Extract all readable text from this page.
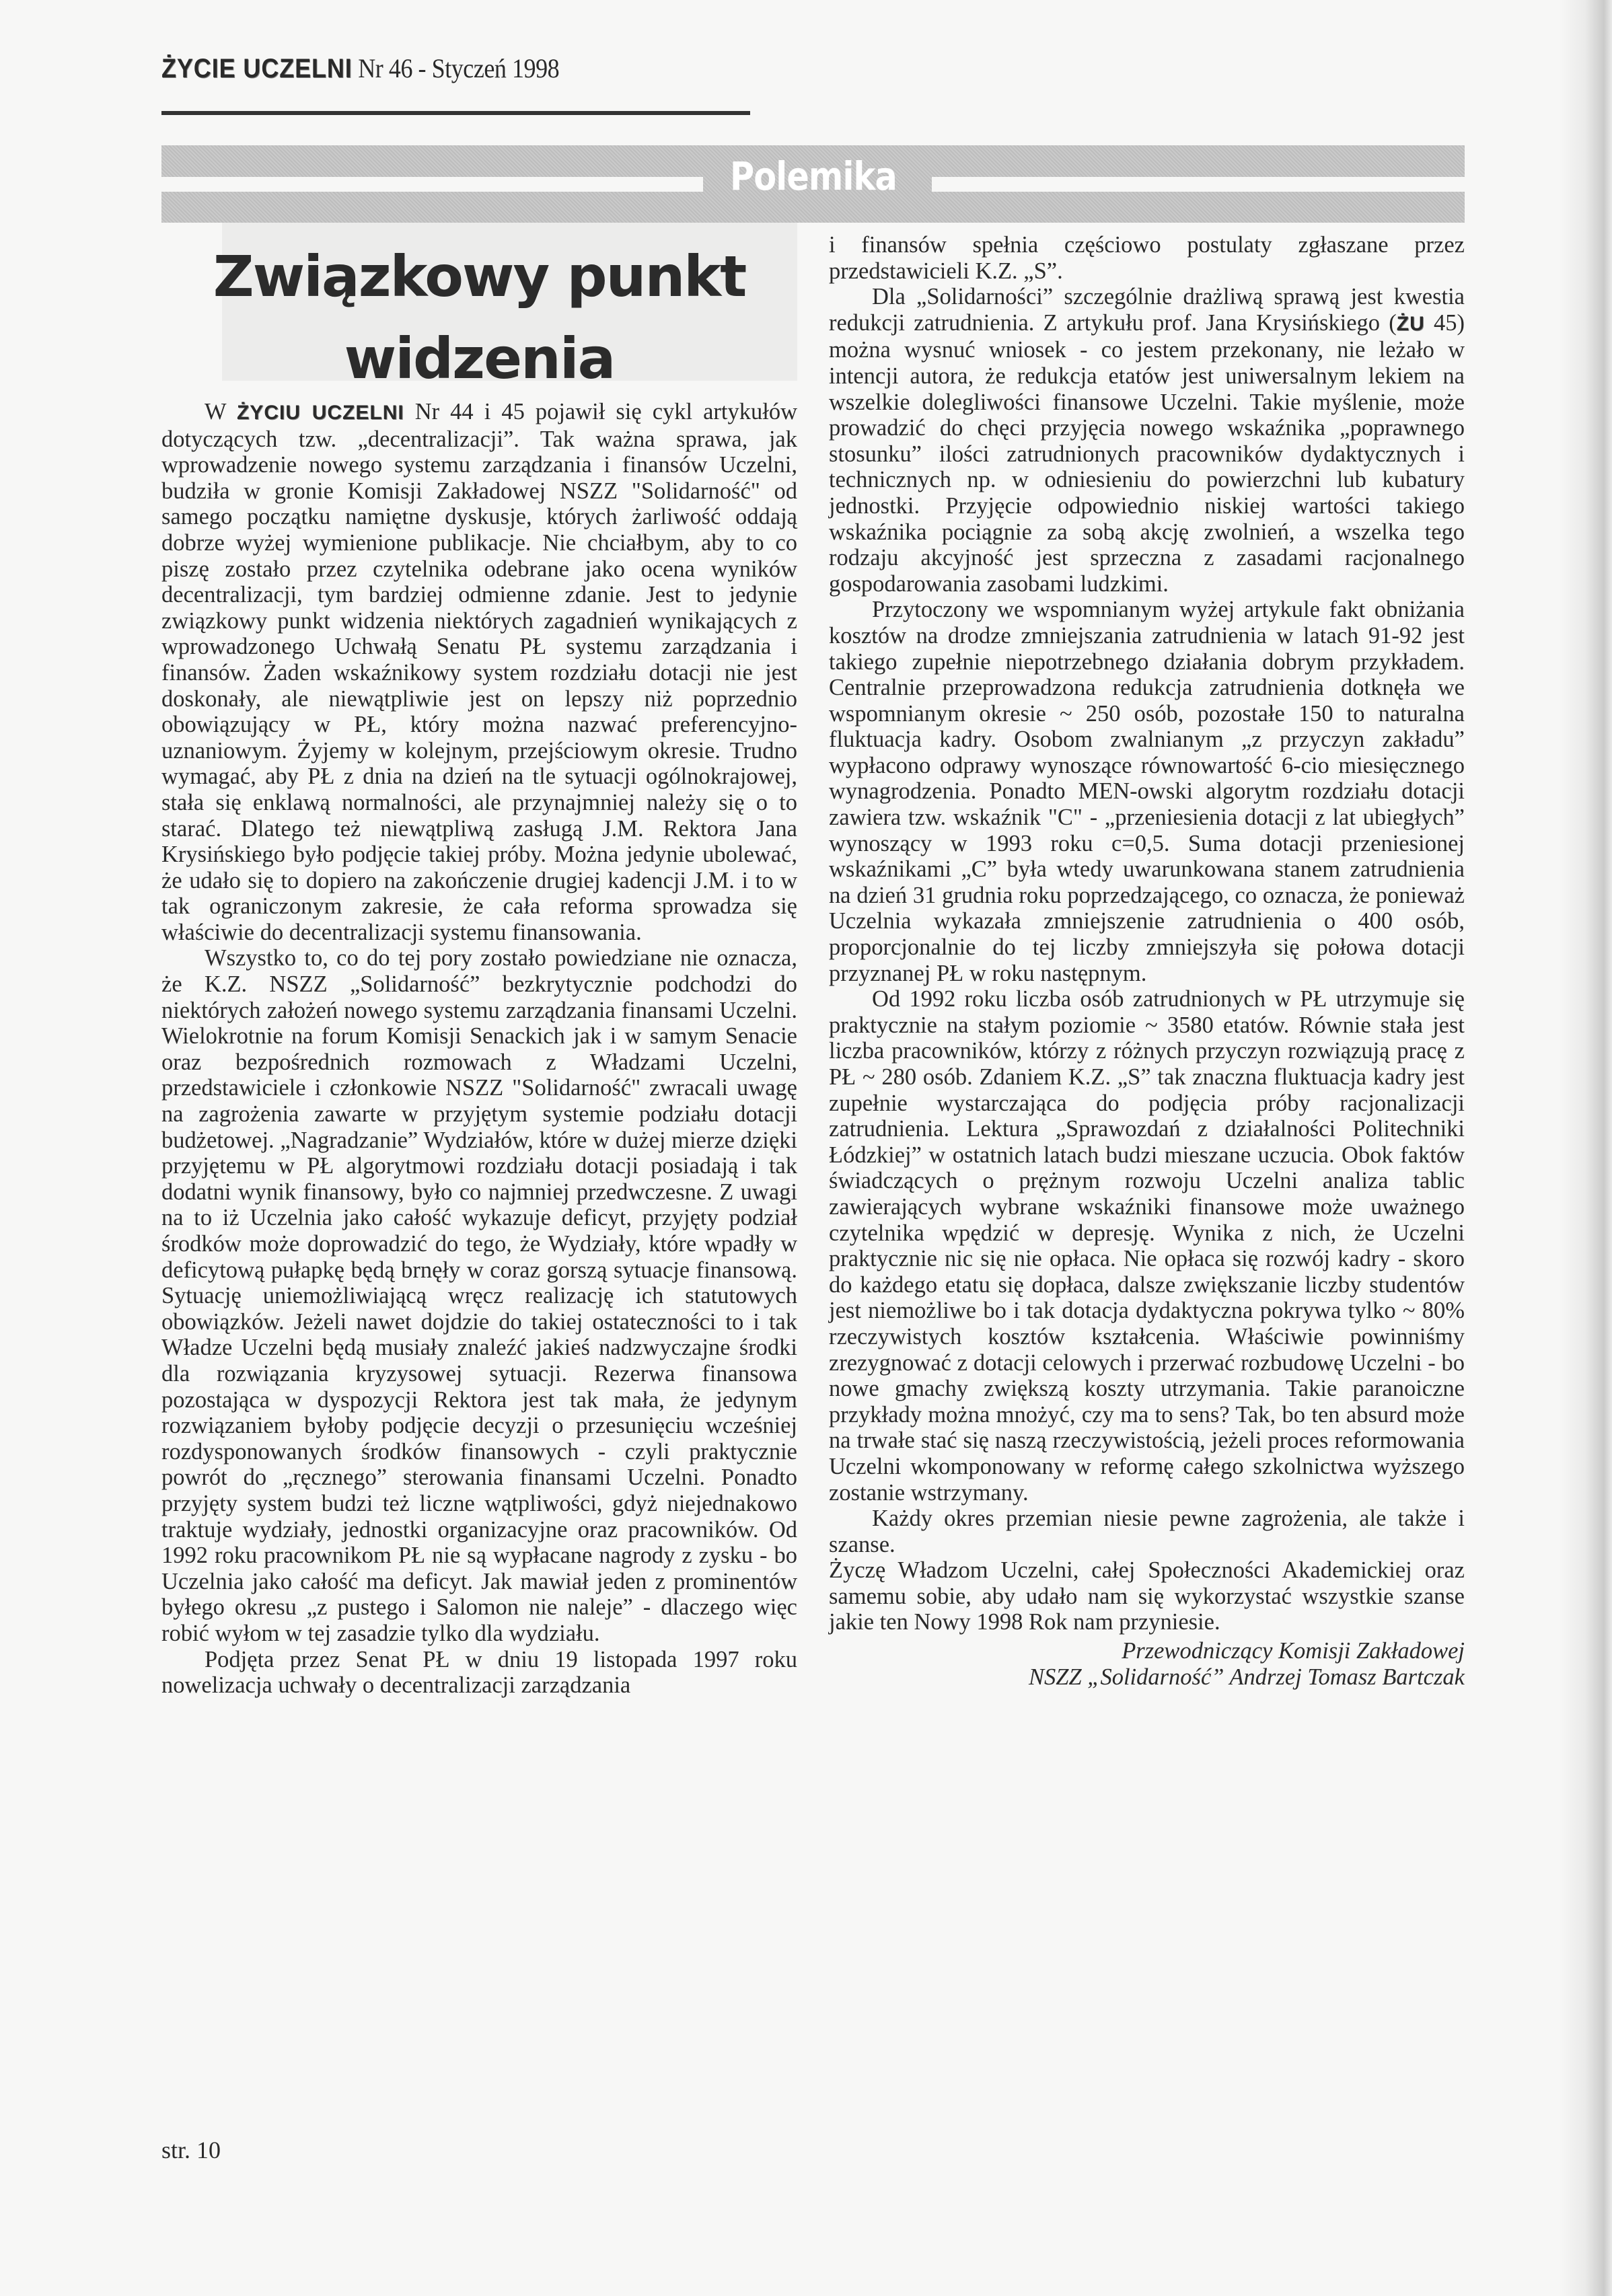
ŻYCIE UCZELNI Nr 46 - Styczeń 1998
Polemika
Związkowy punkt
widzenia

W ŻYCIU UCZELNI Nr 44 i 45 pojawił się cykl artykułów dotyczących tzw. „decentralizacji”. Tak ważna sprawa, jak wprowadzenie nowego systemu zarządzania i finansów Uczelni, budziła w gronie Komisji Zakładowej NSZZ "Solidarność" od samego początku namiętne dyskusje, których żarliwość oddają dobrze wyżej wymienione publikacje. Nie chciałbym, aby to co piszę zostało przez czytelnika odebrane jako ocena wyników decentralizacji, tym bardziej odmienne zdanie. Jest to jedynie związkowy punkt widzenia niektórych zagadnień wynikających z wprowadzonego Uchwałą Senatu PŁ systemu zarządzania i finansów. Żaden wskaźnikowy system rozdziału dotacji nie jest doskonały, ale niewątpliwie jest on lepszy niż poprzednio obowiązujący w PŁ, który można nazwać preferencyjno-uznaniowym. Żyjemy w kolejnym, przejściowym okresie. Trudno wymagać, aby PŁ z dnia na dzień na tle sytuacji ogólnokrajowej, stała się enklawą normalności, ale przynajmniej należy się o to starać. Dlatego też niewątpliwą zasługą J.M. Rektora Jana Krysińskiego było podjęcie takiej próby. Można jedynie ubolewać, że udało się to dopiero na zakończenie drugiej kadencji J.M. i to w tak ograniczonym zakresie, że cała reforma sprowadza się właściwie do decentralizacji systemu finansowania.

Wszystko to, co do tej pory zostało powiedziane nie oznacza, że K.Z. NSZZ „Solidarność” bezkrytycznie podchodzi do niektórych założeń nowego systemu zarządzania finansami Uczelni. Wielokrotnie na forum Komisji Senackich jak i w samym Senacie oraz bezpośrednich rozmowach z Władzami Uczelni, przedstawiciele i członkowie NSZZ "Solidarność" zwracali uwagę na zagrożenia zawarte w przyjętym systemie podziału dotacji budżetowej. „Nagradzanie” Wydziałów, które w dużej mierze dzięki przyjętemu w PŁ algorytmowi rozdziału dotacji posiadają i tak dodatni wynik finansowy, było co najmniej przedwczesne. Z uwagi na to iż Uczelnia jako całość wykazuje deficyt, przyjęty podział środków może doprowadzić do tego, że Wydziały, które wpadły w deficytową pułapkę będą brnęły w coraz gorszą sytuacje finansową. Sytuację uniemożliwiającą wręcz realizację ich statutowych obowiązków. Jeżeli nawet dojdzie do takiej ostateczności to i tak Władze Uczelni będą musiały znaleźć jakieś nadzwyczajne środki dla rozwiązania kryzysowej sytuacji. Rezerwa finansowa pozostająca w dyspozycji Rektora jest tak mała, że jedynym rozwiązaniem byłoby podjęcie decyzji o przesunięciu wcześniej rozdysponowanych środków finansowych - czyli praktycznie powrót do „ręcznego” sterowania finansami Uczelni. Ponadto przyjęty system budzi też liczne wątpliwości, gdyż niejednakowo traktuje wydziały, jednostki organizacyjne oraz pracowników. Od 1992 roku pracownikom PŁ nie są wypłacane nagrody z zysku - bo Uczelnia jako całość ma deficyt. Jak mawiał jeden z prominentów byłego okresu „z pustego i Salomon nie naleje” - dlaczego więc robić wyłom w tej zasadzie tylko dla wydziału.

Podjęta przez Senat PŁ w dniu 19 listopada 1997 roku nowelizacja uchwały o decentralizacji zarządzania

i finansów spełnia częściowo postulaty zgłaszane przez przedstawicieli K.Z. „S”.

Dla „Solidarności” szczególnie drażliwą sprawą jest kwestia redukcji zatrudnienia. Z artykułu prof. Jana Krysińskiego (ŻU 45) można wysnuć wniosek - co jestem przekonany, nie leżało w intencji autora, że redukcja etatów jest uniwersalnym lekiem na wszelkie dolegliwości finansowe Uczelni. Takie myślenie, może prowadzić do chęci przyjęcia nowego wskaźnika „poprawnego stosunku” ilości zatrudnionych pracowników dydaktycznych i technicznych np. w odniesieniu do powierzchni lub kubatury jednostki. Przyjęcie odpowiednio niskiej wartości takiego wskaźnika pociągnie za sobą akcję zwolnień, a wszelka tego rodzaju akcyjność jest sprzeczna z zasadami racjonalnego gospodarowania zasobami ludzkimi.

Przytoczony we wspomnianym wyżej artykule fakt obniżania kosztów na drodze zmniejszania zatrudnienia w latach 91-92 jest takiego zupełnie niepotrzebnego działania dobrym przykładem. Centralnie przeprowadzona redukcja zatrudnienia dotknęła we wspomnianym okresie ~ 250 osób, pozostałe 150 to naturalna fluktuacja kadry. Osobom zwalnianym „z przyczyn zakładu” wypłacono odprawy wynoszące równowartość 6-cio miesięcznego wynagrodzenia. Ponadto MEN-owski algorytm rozdziału dotacji zawiera tzw. wskaźnik "C" - „przeniesienia dotacji z lat ubiegłych” wynoszący w 1993 roku c=0,5. Suma dotacji przeniesionej wskaźnikami „C” była wtedy uwarunkowana stanem zatrudnienia na dzień 31 grudnia roku poprzedzającego, co oznacza, że ponieważ Uczelnia wykazała zmniejszenie zatrudnienia o 400 osób, proporcjonalnie do tej liczby zmniejszyła się połowa dotacji przyznanej PŁ w roku następnym.

Od 1992 roku liczba osób zatrudnionych w PŁ utrzymuje się praktycznie na stałym poziomie ~ 3580 etatów. Równie stała jest liczba pracowników, którzy z różnych przyczyn rozwiązują pracę z PŁ ~ 280 osób. Zdaniem K.Z. „S” tak znaczna fluktuacja kadry jest zupełnie wystarczająca do podjęcia próby racjonalizacji zatrudnienia. Lektura „Sprawozdań z działalności Politechniki Łódzkiej” w ostatnich latach budzi mieszane uczucia. Obok faktów świadczących o prężnym rozwoju Uczelni analiza tablic zawierających wybrane wskaźniki finansowe może uważnego czytelnika wpędzić w depresję. Wynika z nich, że Uczelni praktycznie nic się nie opłaca. Nie opłaca się rozwój kadry - skoro do każdego etatu się dopłaca, dalsze zwiększanie liczby studentów jest niemożliwe bo i tak dotacja dydaktyczna pokrywa tylko ~ 80% rzeczywistych kosztów kształcenia. Właściwie powinniśmy zrezygnować z dotacji celowych i przerwać rozbudowę Uczelni - bo nowe gmachy zwiększą koszty utrzymania. Takie paranoiczne przykłady można mnożyć, czy ma to sens? Tak, bo ten absurd może na trwałe stać się naszą rzeczywistością, jeżeli proces reformowania Uczelni wkomponowany w reformę całego szkolnictwa wyższego zostanie wstrzymany.

Każdy okres przemian niesie pewne zagrożenia, ale także i szanse.

Życzę Władzom Uczelni, całej Społeczności Akademickiej oraz samemu sobie, aby udało nam się wykorzystać wszystkie szanse jakie ten Nowy 1998 Rok nam przyniesie.

Przewodniczący Komisji Zakładowej
NSZZ „Solidarność” Andrzej Tomasz Bartczak
str. 10
